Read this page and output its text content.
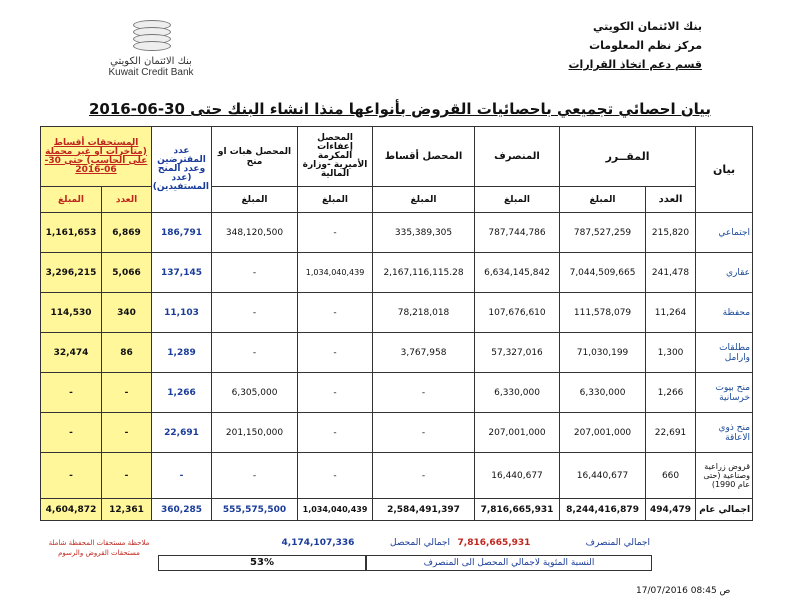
بنك الائتمان الكويتي
Kuwait Credit Bank
بنك الائتمان الكويتي
مركز نظم المعلومات
قسم دعم اتخاذ القرارات
بيان احصائي تجميعي باحصائيات القروض بأنواعها منذا انشاء البنك حتى 30-06-2016
بيان	المقــرر		المنصرف	المحصل أقساط	المحصل إعفاءات المكرمة الأميرية -وزارة المالية	المحصل هبات او منح	عدد المقترضين وعدد المنح (عدد المستفيدين)	المستحقات أقساط (متأخرات او غير محملة على الحاسب) حتى 30-06-2016	
	العدد	المبلغ	المبلغ	المبلغ	المبلغ	المبلغ		العدد	المبلغ
اجتماعي	215,820	787,527,259	787,744,786	335,389,305	-	348,120,500	186,791	6,869	1,161,653
عقاري	241,478	7,044,509,665	6,634,145,842	2,167,116,115.28	1,034,040,439	-	137,145	5,066	3,296,215
محفظة	11,264	111,578,079	107,676,610	78,218,018	-	-	11,103	340	114,530
مطلقات وارامل	1,300	71,030,199	57,327,016	3,767,958	-	-	1,289	86	32,474
منح بيوت خرسانية	1,266	6,330,000	6,330,000	-	-	6,305,000	1,266	-	-
منح ذوي الاعاقة	22,691	207,001,000	207,001,000	-	-	201,150,000	22,691	-	-
قروض زراعية وصناعية (حتى عام 1990)	660	16,440,677	16,440,677	-	-	-	-	-	-
اجمالي عام	494,479	8,244,416,879	7,816,665,931	2,584,491,397	1,034,040,439	555,575,500	360,285	12,361	4,604,872
اجمالي المنصرف
7,816,665,931
اجمالي المحصل
4,174,107,336
النسبة المئوية لاجمالي المحصل الى المنصرف
53%
ملاحظة مستحقات المحفظة شاملة مستحقات القروض والرسوم
17/07/2016 08:45 ص
